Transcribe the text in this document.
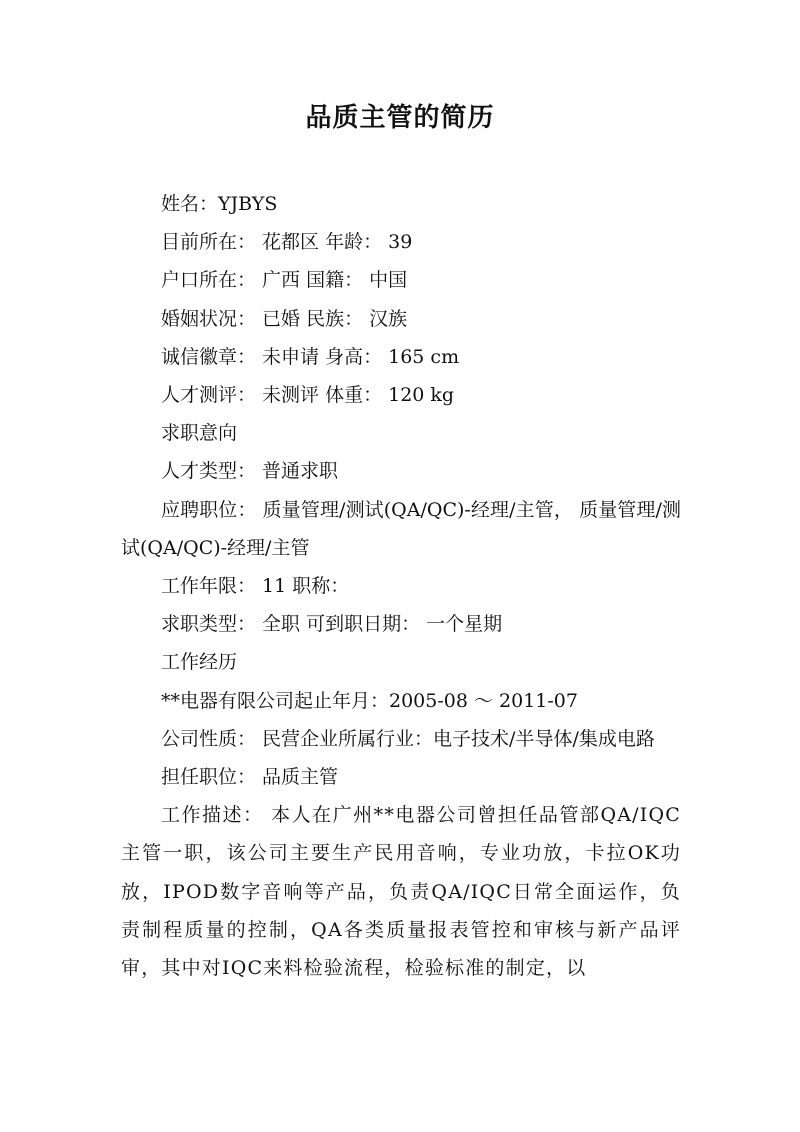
品质主管的简历

姓名：YJBYS

目前所在： 花都区 年龄： 39

户口所在： 广西 国籍： 中国

婚姻状况： 已婚 民族： 汉族

诚信徽章： 未申请 身高： 165 cm

人才测评： 未测评 体重： 120 kg

求职意向

人才类型： 普通求职

应聘职位： 质量管理/测试(QA/QC)-经理/主管， 质量管理/测试(QA/QC)-经理/主管

工作年限： 11 职称：

求职类型： 全职 可到职日期： 一个星期

工作经历

**电器有限公司起止年月：2005-08 ～ 2011-07

公司性质： 民营企业所属行业：电子技术/半导体/集成电路

担任职位： 品质主管

工作描述： 本人在广州**电器公司曾担任品管部QA/IQC主管一职，该公司主要生产民用音响，专业功放，卡拉OK功放，IPOD数字音响等产品，负责QA/IQC日常全面运作，负责制程质量的控制，QA各类质量报表管控和审核与新产品评审，其中对IQC来料检验流程，检验标准的制定，以
